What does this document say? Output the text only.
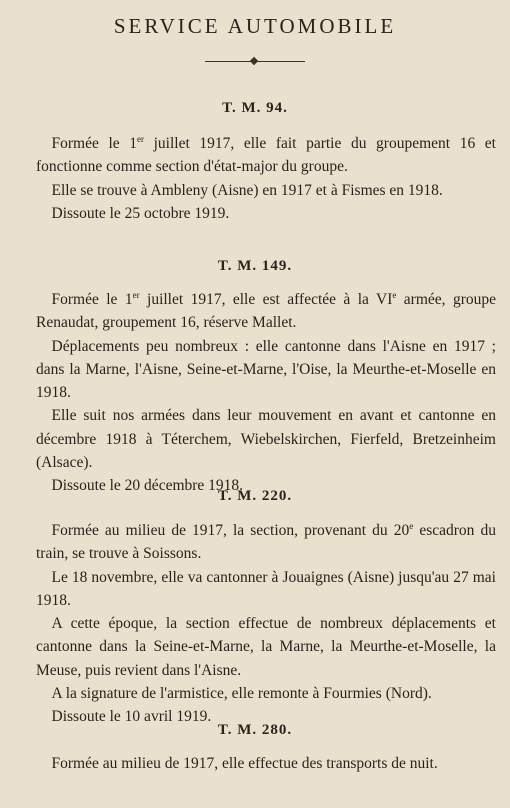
SERVICE AUTOMOBILE
T. M. 94.

 Formée le 1er juillet 1917, elle fait partie du groupement 16 et fonctionne comme section d'état-major du groupe.

 Elle se trouve à Ambleny (Aisne) en 1917 et à Fismes en 1918.

 Dissoute le 25 octobre 1919.

T. M. 149.

 Formée le 1er juillet 1917, elle est affectée à la VIe armée, groupe Renaudat, groupement 16, réserve Mallet.

 Déplacements peu nombreux : elle cantonne dans l'Aisne en 1917 ; dans la Marne, l'Aisne, Seine-et-Marne, l'Oise, la Meurthe-et-Moselle en 1918.

 Elle suit nos armées dans leur mouvement en avant et cantonne en décembre 1918 à Téterchem, Wiebelskirchen, Fierfeld, Bretzeinheim (Alsace).

 Dissoute le 20 décembre 1918.

T. M. 220.

 Formée au milieu de 1917, la section, provenant du 20e escadron du train, se trouve à Soissons.

 Le 18 novembre, elle va cantonner à Jouaignes (Aisne) jusqu'au 27 mai 1918.

 A cette époque, la section effectue de nombreux déplacements et cantonne dans la Seine-et-Marne, la Marne, la Meurthe-et-Moselle, la Meuse, puis revient dans l'Aisne.

 A la signature de l'armistice, elle remonte à Fourmies (Nord).

 Dissoute le 10 avril 1919.

T. M. 280.

 Formée au milieu de 1917, elle effectue des transports de nuit.
